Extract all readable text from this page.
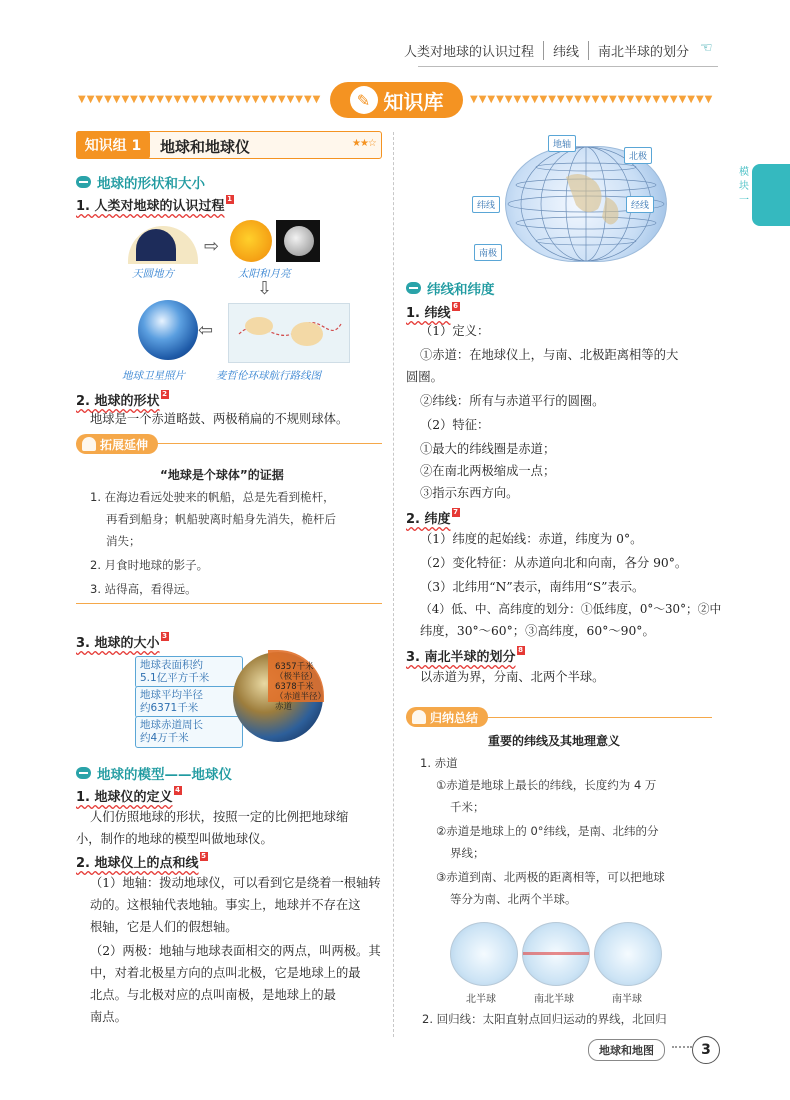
人类对地球的认识过程	纬线	南北半球的划分 ☜
▼▼▼▼▼▼▼▼▼▼▼▼▼▼▼▼▼▼▼▼▼▼▼▼▼▼▼▼	▼▼▼▼▼▼▼▼▼▼▼▼▼▼▼▼▼▼▼▼▼▼▼▼▼▼▼▼
✎ 知识库
模块一
知识组 1	地球和地球仪	★★☆
地球的形状和大小
1. 人类对地球的认识过程 1
⇨
天圆地方	太阳和月亮
⇩
⇦
地球卫星照片	麦哲伦环球航行路线图
2. 地球的形状 2
地球是一个赤道略鼓、两极稍扁的不规则球体。
拓展延伸
“地球是个球体”的证据
1. 在海边看远处驶来的帆船，总是先看到桅杆，
再看到船身；帆船驶离时船身先消失，桅杆后
消失；
2. 月食时地球的影子。
3. 站得高，看得远。
3. 地球的大小 3
地球表面积约
5.1亿平方千米
地球平均半径
约6371千米
地球赤道周长
约4万千米
6357千米
（极半径）
6378千米
（赤道半径）
赤道
地球的模型——地球仪
1. 地球仪的定义 4
人们仿照地球的形状，按照一定的比例把地球缩
小，制作的地球的模型叫做地球仪。
2. 地球仪上的点和线 5
（1）地轴：拨动地球仪，可以看到它是绕着一根轴转
动的。这根轴代表地轴。事实上，地球并不存在这
根轴，它是人们的假想轴。
（2）两极：地轴与地球表面相交的两点，叫两极。其
中，对着北极星方向的点叫北极，它是地球上的最
北点。与北极对应的点叫南极，是地球上的最
南点。
地轴
北极
纬线	经线
南极
纬线和纬度
1. 纬线 6
（1）定义：
①赤道：在地球仪上，与南、北极距离相等的大
圆圈。
②纬线：所有与赤道平行的圆圈。
（2）特征：
①最大的纬线圈是赤道；
②在南北两极缩成一点；
③指示东西方向。
2. 纬度 7
（1）纬度的起始线：赤道，纬度为 0°。
（2）变化特征：从赤道向北和向南，各分 90°。
（3）北纬用“N”表示，南纬用“S”表示。
（4）低、中、高纬度的划分：①低纬度，0°～30°；②中
纬度，30°～60°；③高纬度，60°～90°。
3. 南北半球的划分 8
以赤道为界，分南、北两个半球。
归纳总结
重要的纬线及其地理意义
1. 赤道
①赤道是地球上最长的纬线，长度约为 4 万
千米；
②赤道是地球上的 0°纬线，是南、北纬的分
界线；
③赤道到南、北两极的距离相等，可以把地球
等分为南、北两个半球。
北半球	南北半球	南半球
2. 回归线：太阳直射点回归运动的界线，北回归
地球和地图	3
